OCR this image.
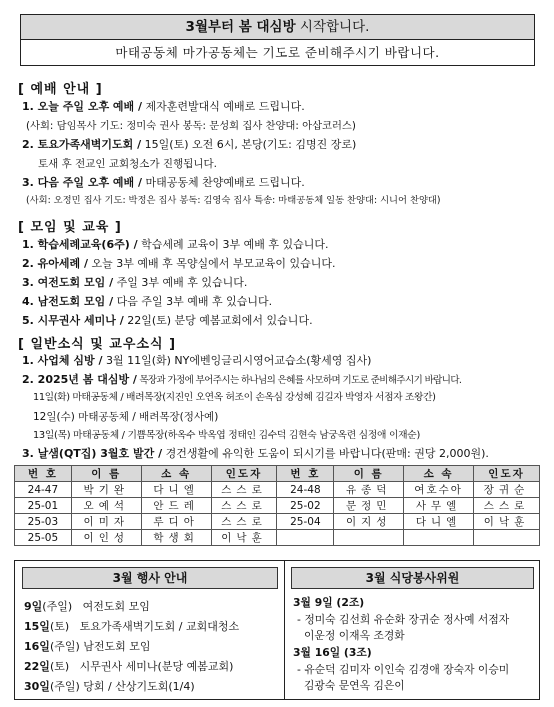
3월부터 봄 대심방 시작합니다.
마태공동체 마가공동체는 기도로 준비해주시기 바랍니다.
[ 예배 안내 ]
1. 오늘 주일 오후 예배 / 제자훈련발대식 예배로 드립니다.
(사회: 담임목사 기도: 정미숙 권사 봉독: 문성회 집사 찬양대: 아삽코러스)
2. 토요가족새벽기도회 / 15일(토) 오전 6시, 본당(기도: 김명진 장로)
토새 후 전교인 교회청소가 진행됩니다.
3. 다음 주일 오후 예배 / 마태공동체 찬양예배로 드립니다.
(사회: 오정민 집사 기도: 박정은 집사 봉독: 김영숙 집사 특송: 마태공동체 일동 찬양대: 시니어 찬양대)
[ 모임 및 교육 ]
1. 학습세례교육(6주) / 학습세례 교육이 3부 예배 후 있습니다.
2. 유아세례 / 오늘 3부 예배 후 목양실에서 부모교육이 있습니다.
3. 여전도회 모임 / 주일 3부 예배 후 있습니다.
4. 남전도회 모임 / 다음 주일 3부 예배 후 있습니다.
5. 시무권사 세미나 / 22일(토) 분당 예봄교회에서 있습니다.
[ 일반소식 및 교우소식 ]
1. 사업체 심방 / 3월 11일(화) NY에벤잉글리시영어교습소(황세영 집사)
2. 2025년 봄 대심방 / 목장과 가정에 부어주시는 하나님의 은혜를 사모하며 기도로 준비해주시기 바랍니다.
11일(화) 마태공동체 / 배려목장(지진인 오연옥 허조이 손옥심 강성혜 김길자 박영자 서점자 조왕간)
12일(수) 마태공동체 / 배려목장(정사예)
13일(목) 마태공동체 / 기쁨목장(하옥수 박옥엽 정태인 김수덕 김현숙 남궁옥련 심정애 이재순)
3. 날샘(QT집) 3월호 발간 / 경건생활에 유익한 도움이 되시기를 바랍니다(판매: 권당 2,000원).
번 호	이 름	소 속	인도자	번 호	이 름	소 속	인도자
24-47	박기완	다니엘	스스로	24-48	유종덕	여호수아	장귀순
25-01	오예석	안드레	스스로	25-02	문정민	사무엘	스스로
25-03	이미자	루디아	스스로	25-04	이지성	다니엘	이낙훈
25-05	이인성	학생회	이낙훈				
3월 행사 안내
9일(주일) 여전도회 모임
15일(토) 토요가족새벽기도회 / 교회대청소
16일(주일) 남전도회 모임
22일(토) 시무권사 세미나(분당 예봄교회)
30일(주일) 당회 / 산상기도회(1/4)
3월 식당봉사위원
3월 9일 (2조)
- 정미숙 김선희 유순화 장귀순 정사예 서점자
이운정 이재옥 조경화
3월 16일 (3조)
- 유순덕 김미자 이인숙 김경애 장숙자 이승미
김광숙 문연옥 김은이
